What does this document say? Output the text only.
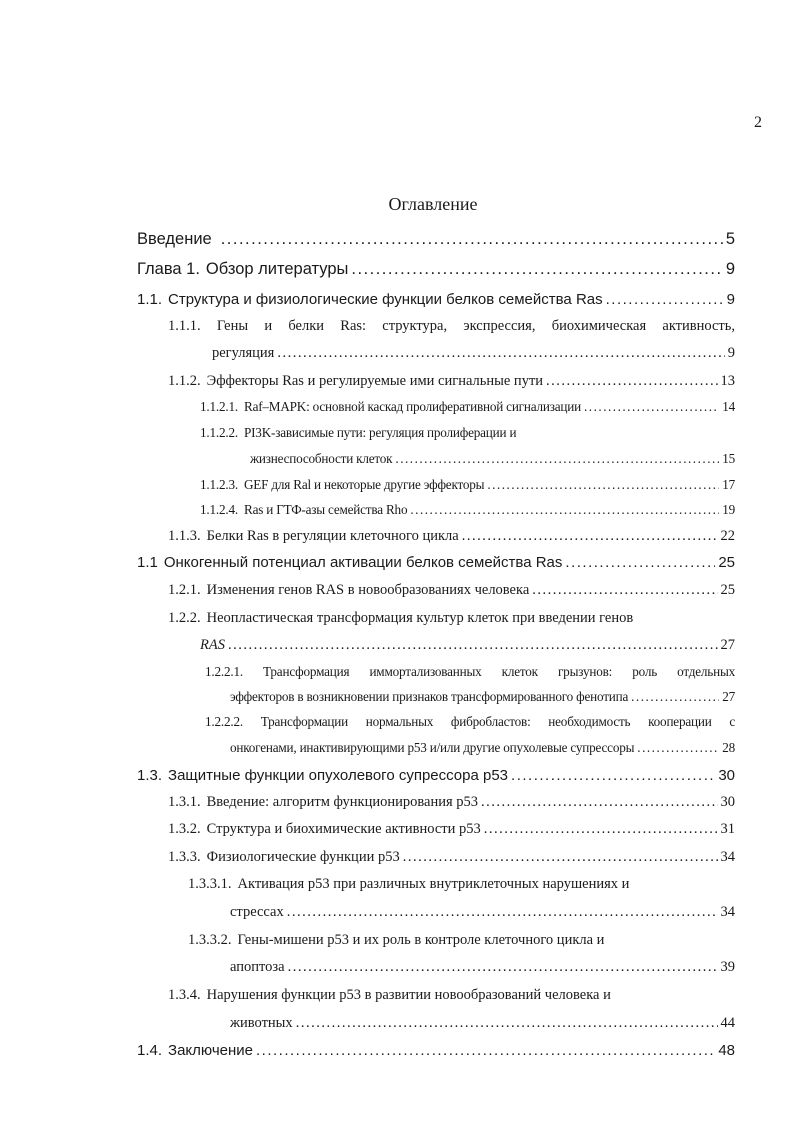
2
Оглавление
Введение .....	5
Глава 1. Обзор литературы .....	9
1.1. Структура и физиологические функции белков семейства Ras .....	9
1.1.1. Гены и белки Ras: структура, экспрессия, биохимическая активность,
регуляция .....	9
1.1.2. Эффекторы Ras и регулируемые ими сигнальные пути .....	13
1.1.2.1. Raf–MAPK: основной каскад пролиферативной сигнализации .....	14
1.1.2.2. PI3K-зависимые пути: регуляция пролиферации и
жизнеспособности клеток .....	15
1.1.2.3. GEF для Ral и некоторые другие эффекторы .....	17
1.1.2.4. Ras и ГТФ-азы семейства Rho .....	19
1.1.3. Белки Ras в регуляции клеточного цикла .....	22
1.1 Онкогенный потенциал активации белков семейства Ras .....	25
1.2.1. Изменения генов RAS в новообразованиях человека .....	25
1.2.2. Неопластическая трансформация культур клеток при введении генов
RAS .....	27
1.2.2.1. Трансформация иммортализованных клеток грызунов: роль отдельных
эффекторов в возникновении признаков трансформированного фенотипа .....	27
1.2.2.2. Трансформации нормальных фибробластов: необходимость кооперации с
онкогенами, инактивирующими p53 и/или другие опухолевые супрессоры .....	28
1.3. Защитные функции опухолевого супрессора p53 .....	30
1.3.1. Введение: алгоритм функционирования p53 .....	30
1.3.2. Структура и биохимические активности p53 .....	31
1.3.3. Физиологические функции p53 .....	34
1.3.3.1. Активация p53 при различных внутриклеточных нарушениях и
стрессах .....	34
1.3.3.2. Гены-мишени p53 и их роль в контроле клеточного цикла и
апоптоза .....	39
1.3.4. Нарушения функции p53 в развитии новообразований человека и
животных .....	44
1.4. Заключение .....	48
